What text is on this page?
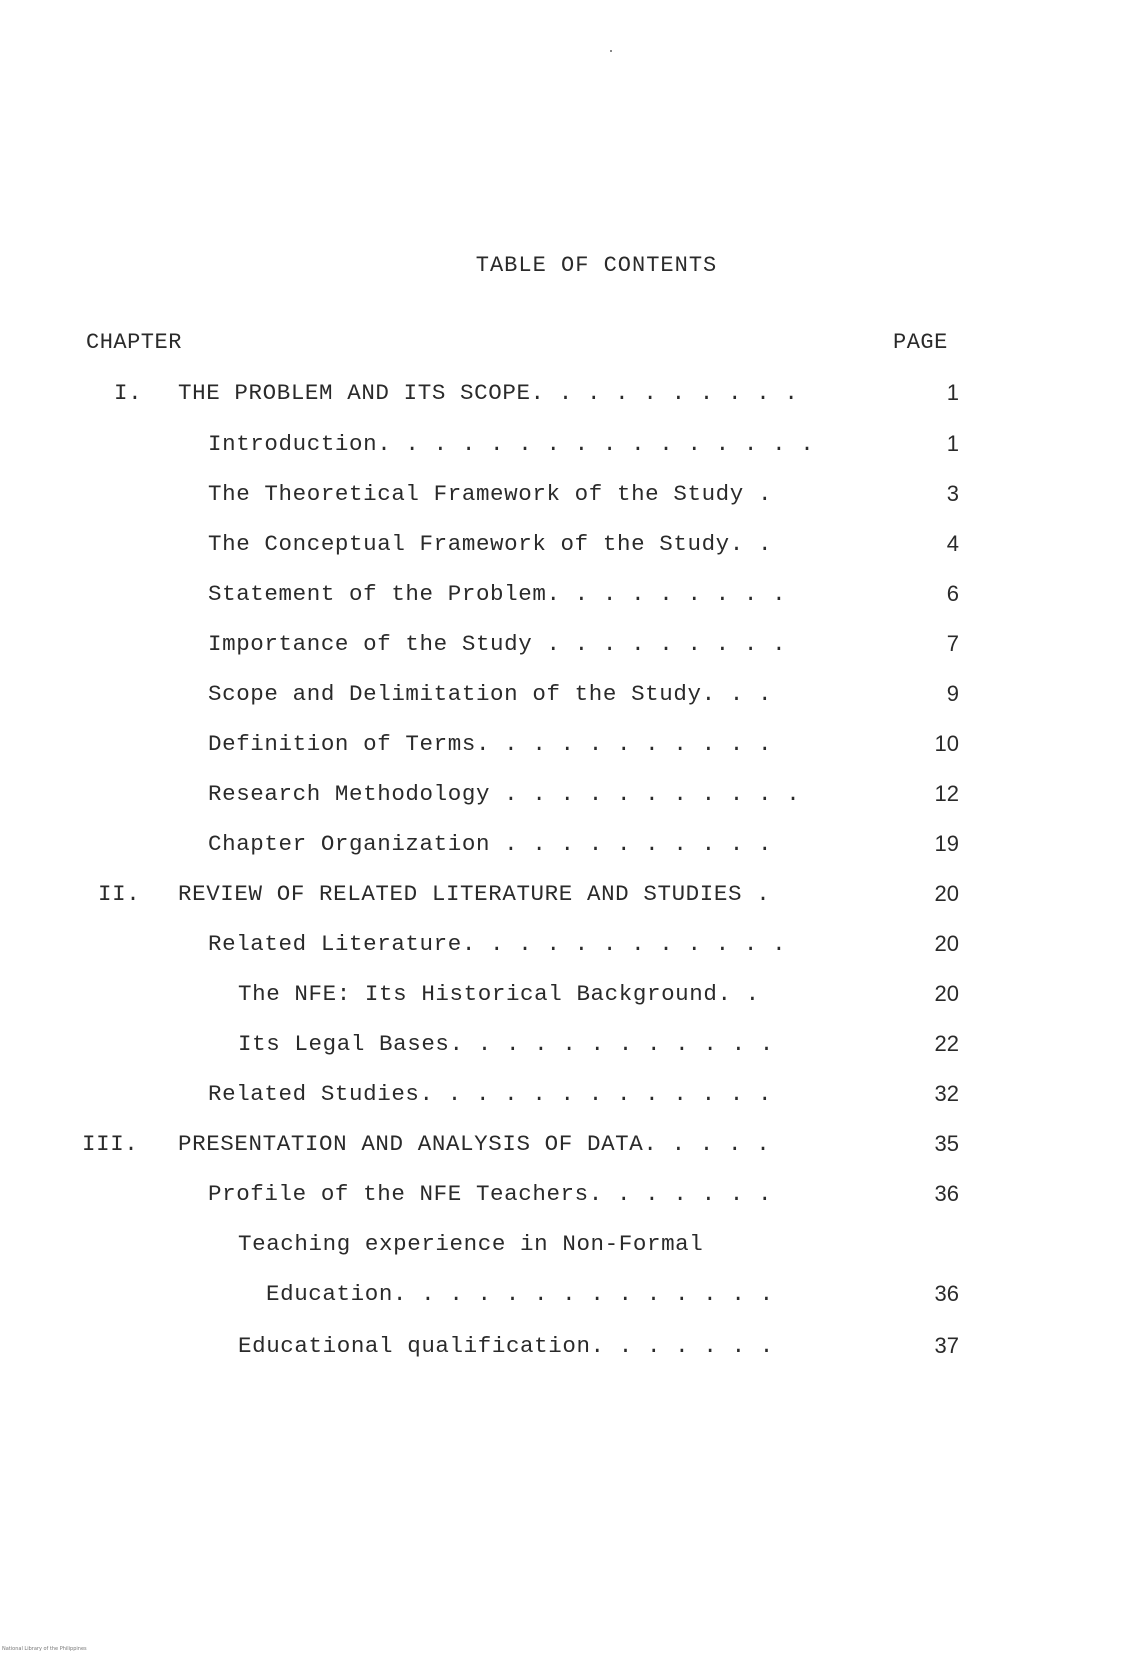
TABLE OF CONTENTS
CHAPTER	PAGE
I. THE PROBLEM AND ITS SCOPE. . . . . . . . . .	1
Introduction. . . . . . . . . . . . . . . .	1
The Theoretical Framework of the Study .	3
The Conceptual Framework of the Study. .	4
Statement of the Problem. . . . . . . . .	6
Importance of the Study . . . . . . . . .	7
Scope and Delimitation of the Study. . .	9
Definition of Terms. . . . . . . . . . .	10
Research Methodology . . . . . . . . . . .	12
Chapter Organization . . . . . . . . . .	19
II. REVIEW OF RELATED LITERATURE AND STUDIES .	20
Related Literature. . . . . . . . . . . .	20
The NFE: Its Historical Background. .	20
Its Legal Bases. . . . . . . . . . . .	22
Related Studies. . . . . . . . . . . . .	32
III. PRESENTATION AND ANALYSIS OF DATA. . . . .	35
Profile of the NFE Teachers. . . . . . .	36
Teaching experience in Non-Formal
Education. . . . . . . . . . . . . .	36
Educational qualification. . . . . . .	37
National Library of the Philippines
